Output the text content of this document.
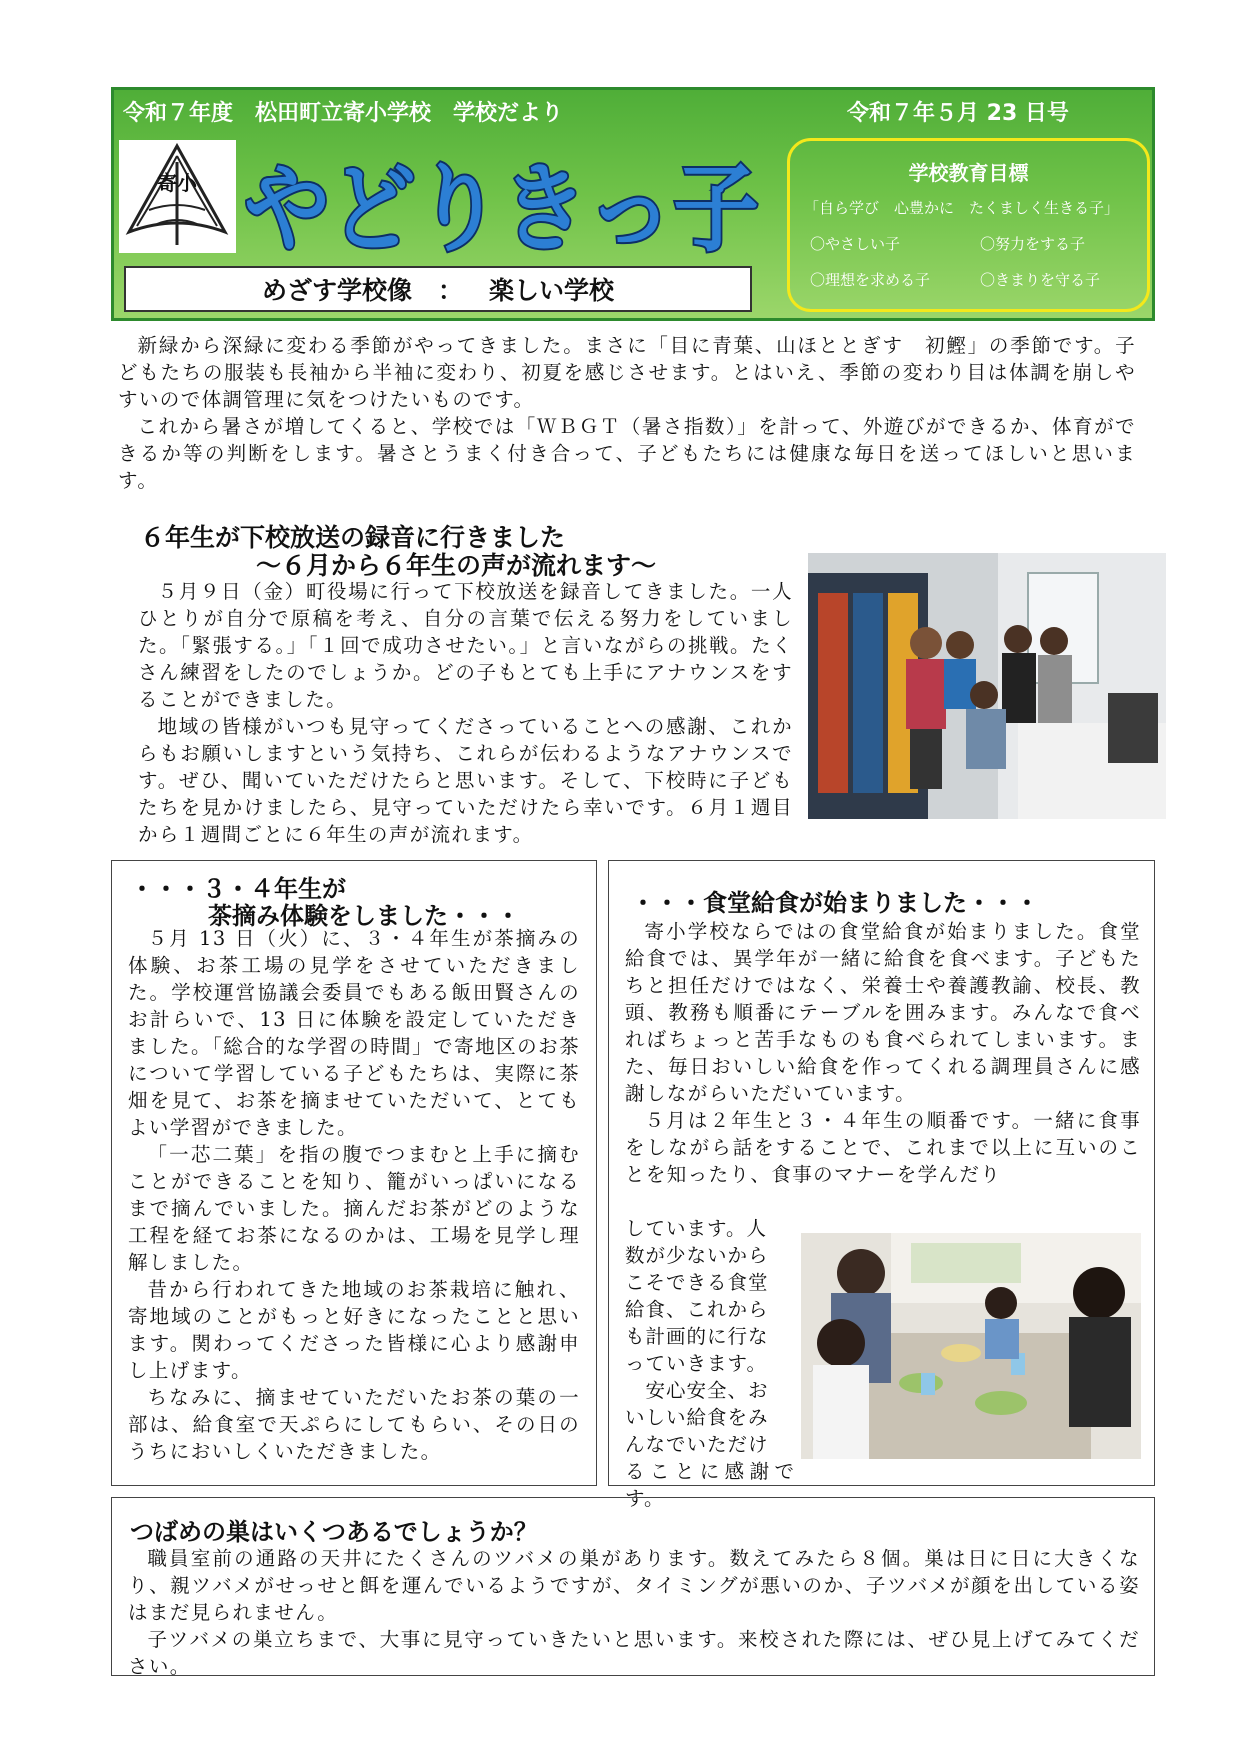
令和７年度　松田町立寄小学校　学校だより	令和７年５月 23 日号
寄小 やどりきっ子
めざす学校像 ： 楽しい学校
学校教育目標
「自ら学び　心豊かに　たくましく生きる子」
〇やさしい子	〇努力をする子
〇理想を求める子	〇きまりを守る子

新緑から深緑に変わる季節がやってきました。まさに「目に青葉、山ほととぎす　初鰹」の季節です。子どもたちの服装も長袖から半袖に変わり、初夏を感じさせます。とはいえ、季節の変わり目は体調を崩しやすいので体調管理に気をつけたいものです。

これから暑さが増してくると、学校では「ＷＢＧＴ（暑さ指数）」を計って、外遊びができるか、体育ができるか等の判断をします。暑さとうまく付き合って、子どもたちには健康な毎日を送ってほしいと思います。

６年生が下校放送の録音に行きました
～６月から６年生の声が流れます～

５月９日（金）町役場に行って下校放送を録音してきました。一人ひとりが自分で原稿を考え、自分の言葉で伝える努力をしていました。「緊張する。」「１回で成功させたい。」と言いながらの挑戦。たくさん練習をしたのでしょうか。どの子もとても上手にアナウンスをすることができました。

地域の皆様がいつも見守ってくださっていることへの感謝、これからもお願いしますという気持ち、これらが伝わるようなアナウンスです。ぜひ、聞いていただけたらと思います。そして、下校時に子どもたちを見かけましたら、見守っていただけたら幸いです。６月１週目から１週間ごとに６年生の声が流れます。

・・・３・４年生が
茶摘み体験をしました・・・

５月 13 日（火）に、３・４年生が茶摘みの体験、お茶工場の見学をさせていただきました。学校運営協議会委員でもある飯田賢さんのお計らいで、13 日に体験を設定していただきました。「総合的な学習の時間」で寄地区のお茶について学習している子どもたちは、実際に茶畑を見て、お茶を摘ませていただいて、とてもよい学習ができました。

「一芯二葉」を指の腹でつまむと上手に摘むことができることを知り、籠がいっぱいになるまで摘んでいました。摘んだお茶がどのような工程を経てお茶になるのかは、工場を見学し理解しました。

昔から行われてきた地域のお茶栽培に触れ、寄地域のことがもっと好きになったことと思います。関わってくださった皆様に心より感謝申し上げます。

ちなみに、摘ませていただいたお茶の葉の一部は、給食室で天ぷらにしてもらい、その日のうちにおいしくいただきました。

・・・食堂給食が始まりました・・・

寄小学校ならではの食堂給食が始まりました。食堂給食では、異学年が一緒に給食を食べます。子どもたちと担任だけではなく、栄養士や養護教諭、校長、教頭、教務も順番にテーブルを囲みます。みんなで食べればちょっと苦手なものも食べられてしまいます。また、毎日おいしい給食を作ってくれる調理員さんに感謝しながらいただいています。

５月は２年生と３・４年生の順番です。一緒に食事をしながら話をすることで、これまで以上に互いのことを知ったり、食事のマナーを学んだり

しています。人
数が少ないから
こそできる食堂
給食、これから
も計画的に行な
っていきます。
　安心安全、お
いしい給食をみ
んなでいただけ
ることに感謝です。
つばめの巣はいくつあるでしょうか？

職員室前の通路の天井にたくさんのツバメの巣があります。数えてみたら８個。巣は日に日に大きくなり、親ツバメがせっせと餌を運んでいるようですが、タイミングが悪いのか、子ツバメが顔を出している姿はまだ見られません。

子ツバメの巣立ちまで、大事に見守っていきたいと思います。来校された際には、ぜひ見上げてみてください。
